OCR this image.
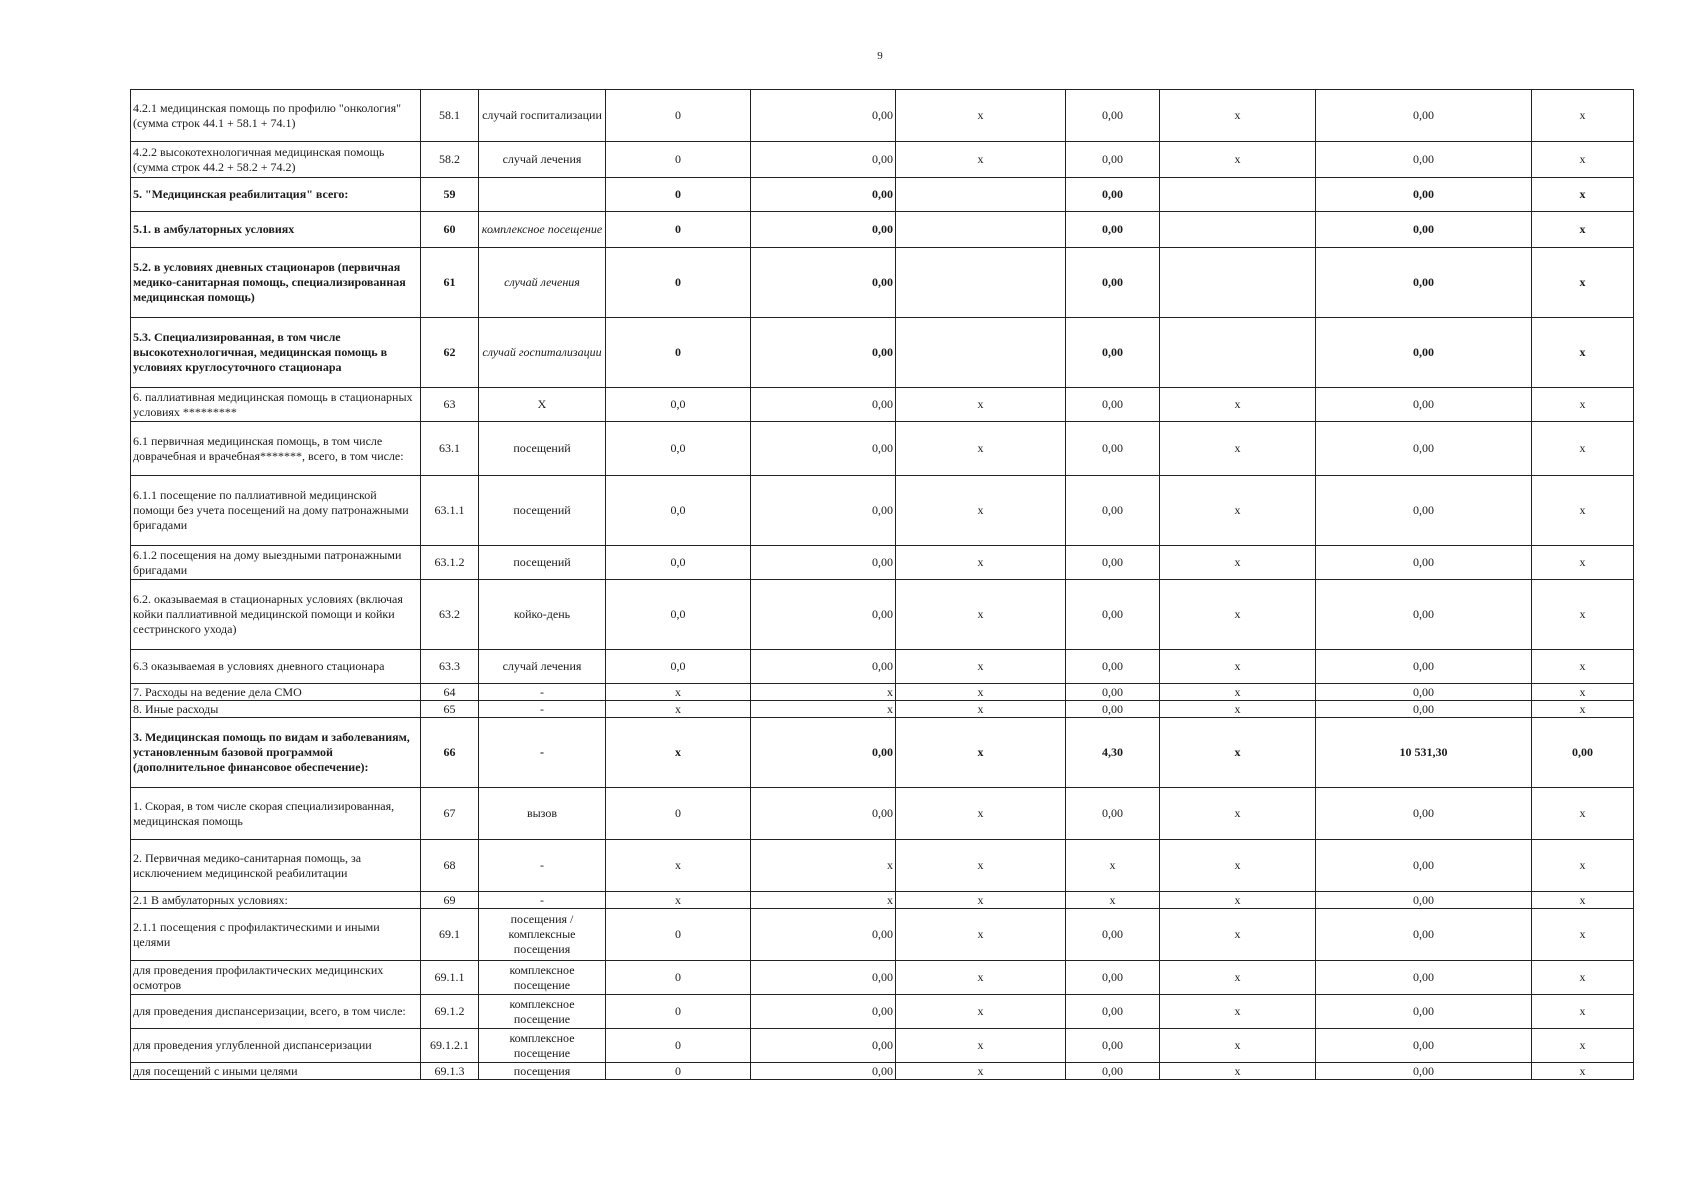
9
4.2.1 медицинская помощь по профилю "онкология" (сумма строк 44.1 + 58.1 + 74.1)	58.1	случай госпитализации	0	0,00	x	0,00	x	0,00	x
4.2.2 высокотехнологичная медицинская помощь (сумма строк 44.2 + 58.2 + 74.2)	58.2	случай лечения	0	0,00	x	0,00	x	0,00	x
5. "Медицинская реабилитация" всего:	59		0	0,00		0,00		0,00	x
5.1. в амбулаторных условиях	60	комплексное посещение	0	0,00		0,00		0,00	x
5.2. в условиях дневных стационаров (первичная медико-санитарная помощь, специализированная медицинская помощь)	61	случай лечения	0	0,00		0,00		0,00	x
5.3. Специализированная, в том числе высокотехнологичная, медицинская помощь в условиях круглосуточного стационара	62	случай госпитализации	0	0,00		0,00		0,00	x
6. паллиативная медицинская помощь в стационарных условиях *********	63	X	0,0	0,00	x	0,00	x	0,00	x
6.1 первичная медицинская помощь, в том числе доврачебная и врачебная*******, всего, в том числе:	63.1	посещений	0,0	0,00	x	0,00	x	0,00	x
6.1.1 посещение по паллиативной медицинской помощи без учета посещений на дому патронажными бригадами	63.1.1	посещений	0,0	0,00	x	0,00	x	0,00	x
6.1.2 посещения на дому выездными патронажными бригадами	63.1.2	посещений	0,0	0,00	x	0,00	x	0,00	x
6.2. оказываемая в стационарных условиях (включая койки паллиативной медицинской помощи и койки сестринского ухода)	63.2	койко-день	0,0	0,00	x	0,00	x	0,00	x
6.3 оказываемая в условиях дневного стационара	63.3	случай лечения	0,0	0,00	x	0,00	x	0,00	x
7. Расходы на ведение дела СМО	64	-	x	x	x	0,00	x	0,00	x
8. Иные расходы	65	-	x	x	x	0,00	x	0,00	x
3. Медицинская помощь по видам и заболеваниям, установленным базовой программой (дополнительное финансовое обеспечение):	66	-	x	0,00	x	4,30	x	10 531,30	0,00
1. Скорая, в том числе скорая специализированная, медицинская помощь	67	вызов	0	0,00	x	0,00	x	0,00	x
2. Первичная медико-санитарная помощь, за исключением медицинской реабилитации	68	-	x	x	x	x	x	0,00	x
2.1 В амбулаторных условиях:	69	-	x	x	x	x	x	0,00	x
2.1.1 посещения с профилактическими и иными целями	69.1	посещения / комплексные посещения	0	0,00	x	0,00	x	0,00	x
для проведения профилактических медицинских осмотров	69.1.1	комплексное посещение	0	0,00	x	0,00	x	0,00	x
для проведения диспансеризации, всего, в том числе:	69.1.2	комплексное посещение	0	0,00	x	0,00	x	0,00	x
для проведения углубленной диспансеризации	69.1.2.1	комплексное посещение	0	0,00	x	0,00	x	0,00	x
для посещений с иными целями	69.1.3	посещения	0	0,00	x	0,00	x	0,00	x
